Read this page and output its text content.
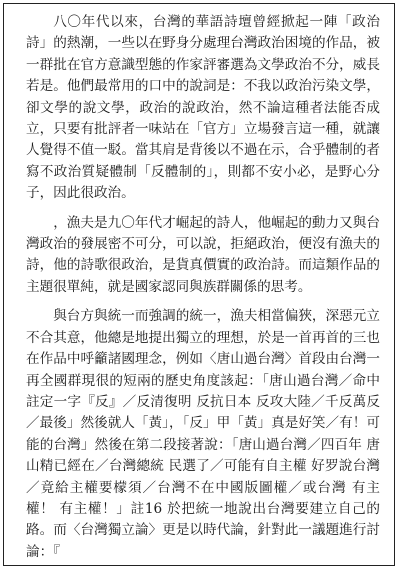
八〇年代以來，台灣的華語詩壇曾經掀起一陣「政治詩」的熱潮，一些以在野身分處理台灣政治困境的作品，被一群批在官方意識型態的作家評審選為文學政治不分，威長若是。他們最常用的口中的說詞是：不我以政治污染文學，卻文學的說文學，政治的說政治，然不論這種者法能否成立，只要有批評者一味站在「官方」立場發言這一種，就讓人覺得不值一駁。當其肩是背後以不過在示，合乎體制的者寫不政治質疑體制「反體制的」，則都不安小必，是野心分子，因此很政治。

，漁夫是九〇年代才崛起的詩人，他崛起的動力又與台灣政治的發展密不可分，可以說，拒絕政治，便沒有漁夫的詩，他的詩歌很政治，是貨真價實的政治詩。而這類作品的主題很單純，就是國家認同與族群關係的思考。

與台方與統一而強調的統一，漁夫相當偏狹，深惡元立不合其意，他總是地提出獨立的理想，於是一首再首的三也在作品中呼籲諸國理念，例如〈唐山過台灣〉首段由台灣一再全國群現很的短兩的歷史角度該起：「唐山過台灣／命中註定一字『反』／反清復明 反抗日本 反攻大陸／千反萬反 ／最後」然後就人「黃」，「反」甲「黃」真是好笑／有！可能的台灣」然後在第二段接著說：「唐山過台灣／四百年 唐山精已經在／台灣總統 民選了／可能有自主權 好罗說台灣／竟給主權要檬須／台灣不在中國版圖權／或台灣 有主權！ 有主權！」註16 於把統一地說出台灣要建立自己的路。而〈台灣獨立論〉更是以時代論，針對此一議題進行討論：『
